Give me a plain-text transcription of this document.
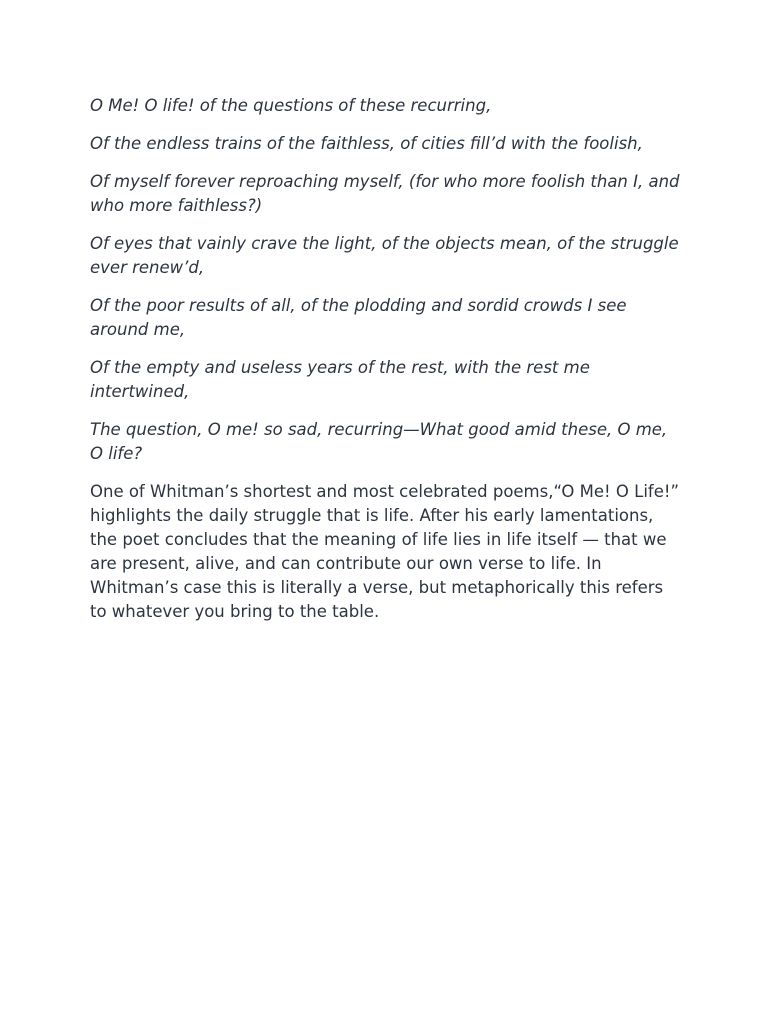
O Me! O life! of the questions of these recurring,

Of the endless trains of the faithless, of cities fill’d with the foolish,

Of myself forever reproaching myself, (for who more foolish than I, and who more faithless?)

Of eyes that vainly crave the light, of the objects mean, of the struggle ever renew’d,

Of the poor results of all, of the plodding and sordid crowds I see around me,

Of the empty and useless years of the rest, with the rest me intertwined,

The question, O me! so sad, recurring—What good amid these, O me, O life?

One of Whitman’s shortest and most celebrated poems,“O Me! O Life!” highlights the daily struggle that is life. After his early lamentations, the poet concludes that the meaning of life lies in life itself — that we are present, alive, and can contribute our own verse to life. In Whitman’s case this is literally a verse, but metaphorically this refers to whatever you bring to the table.
